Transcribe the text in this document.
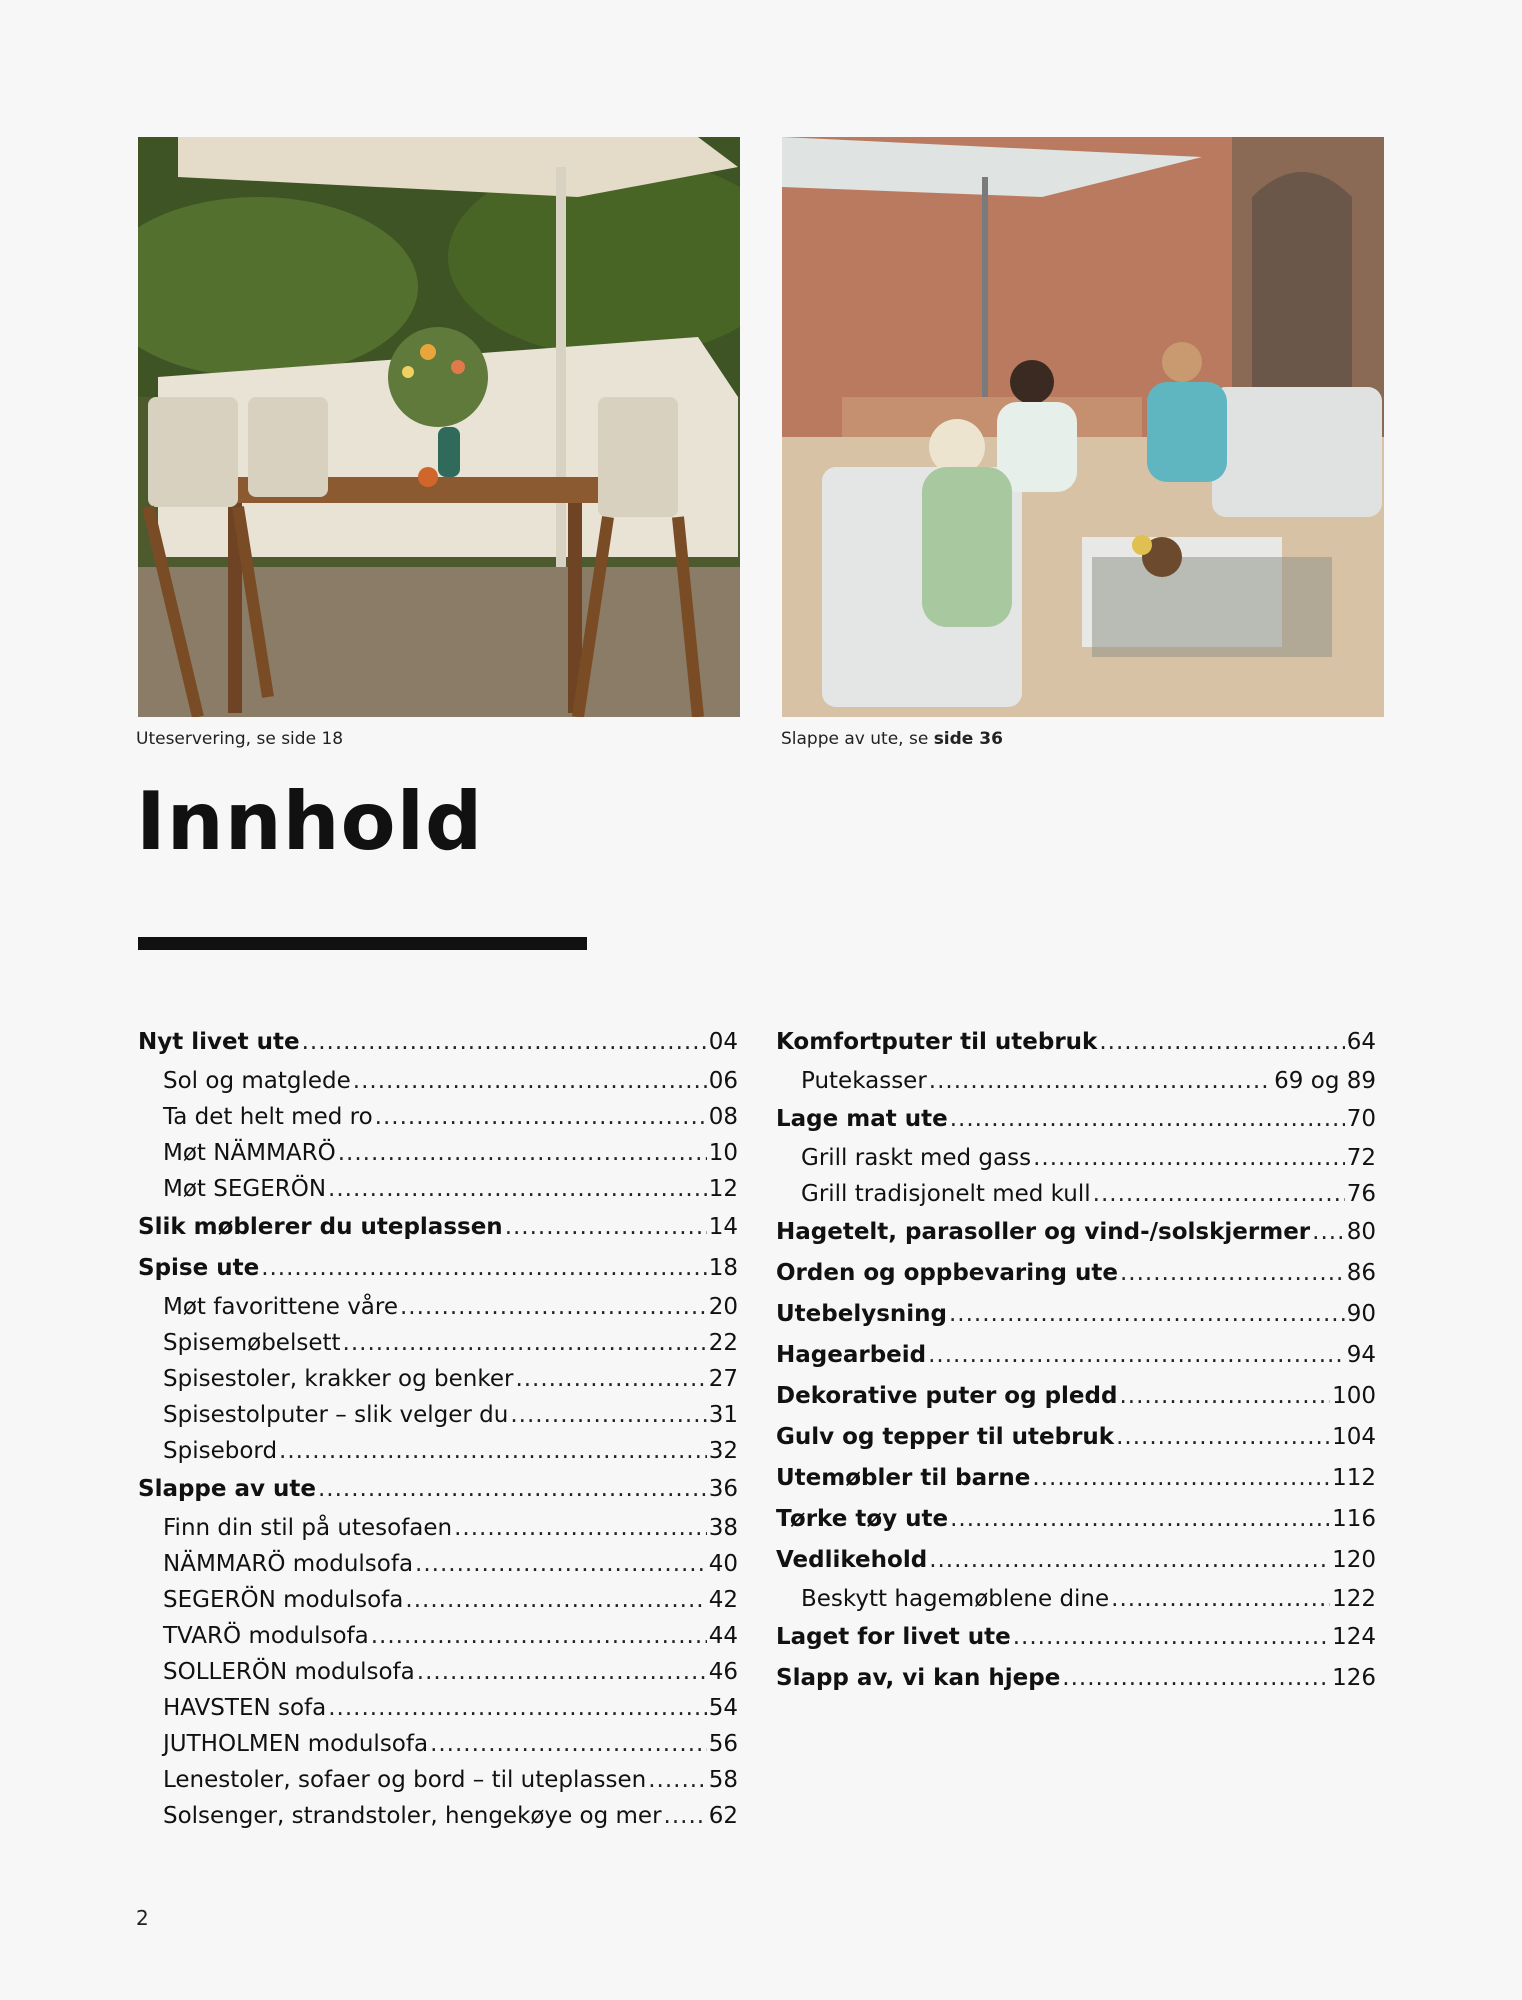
Uteservering, se side 18	Slappe av ute, se side 36
Innhold
Nyt livet ute .....	04
Sol og matglede .....	06
Ta det helt med ro .....	08
Møt NÄMMARÖ .....	10
Møt SEGERÖN .....	12
Slik møblerer du uteplassen .....	14
Spise ute .....	18
Møt favorittene våre .....	20
Spisemøbelsett .....	22
Spisestoler, krakker og benker .....	27
Spisestolputer – slik velger du .....	31
Spisebord .....	32
Slappe av ute .....	36
Finn din stil på utesofaen .....	38
NÄMMARÖ modulsofa .....	40
SEGERÖN modulsofa .....	42
TVARÖ modulsofa .....	44
SOLLERÖN modulsofa .....	46
HAVSTEN sofa .....	54
JUTHOLMEN modulsofa .....	56
Lenestoler, sofaer og bord – til uteplassen .....	58
Solsenger, strandstoler, hengekøye og mer ..... 62
Komfortputer til utebruk .....	64
Putekasser .....	69 og 89
Lage mat ute .....	70
Grill raskt med gass .....	72
Grill tradisjonelt med kull .....	76
Hagetelt, parasoller og vind-/solskjermer ..... 80
Orden og oppbevaring ute .....	86
Utebelysning .....	90
Hagearbeid .....	94
Dekorative puter og pledd .....	100
Gulv og tepper til utebruk .....	104
Utemøbler til barne .....	112
Tørke tøy ute .....	116
Vedlikehold .....	120
Beskytt hagemøblene dine .....	122
Laget for livet ute .....	124
Slapp av, vi kan hjepe .....	126
2
